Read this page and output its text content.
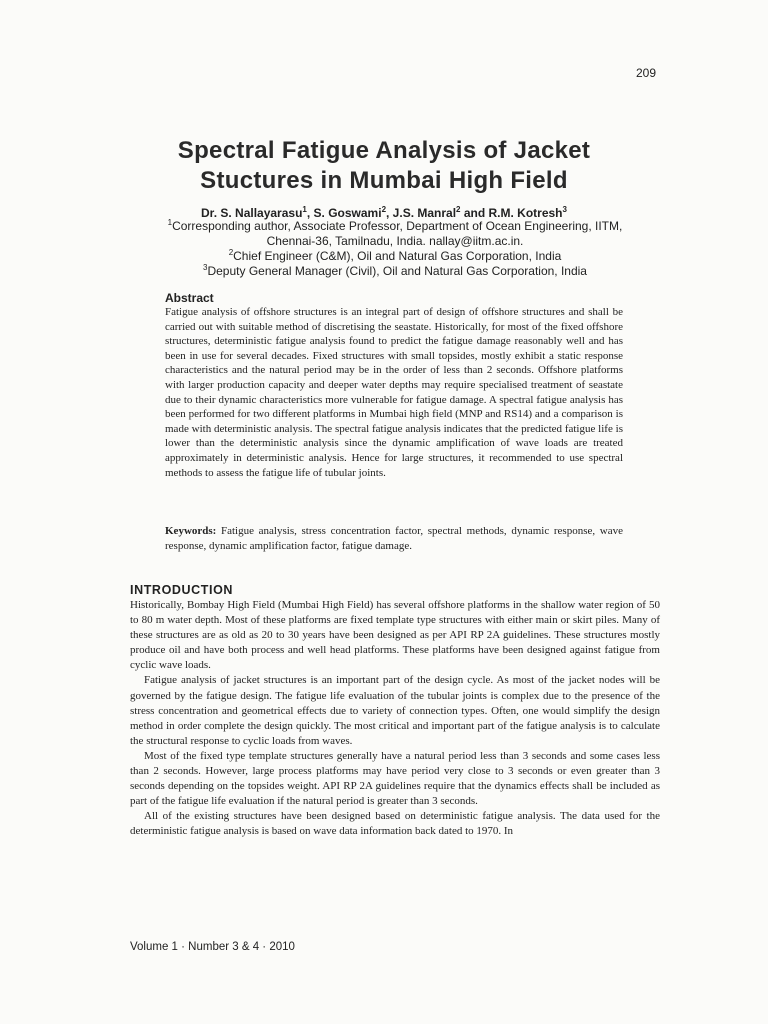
209
Spectral Fatigue Analysis of Jacket
Stuctures in Mumbai High Field
Dr. S. Nallayarasu$^1$, S. Goswami$^2$, J.S. Manral$^2$ and R.M. Kotresh$^3$
$^1$Corresponding author, Associate Professor, Department of Ocean Engineering, IITM,
Chennai-36, Tamilnadu, India. nallay@iitm.ac.in.
$^2$Chief Engineer (C&M), Oil and Natural Gas Corporation, India
$^3$Deputy General Manager (Civil), Oil and Natural Gas Corporation, India
Abstract
Fatigue analysis of offshore structures is an integral part of design of offshore structures and shall be carried out with suitable method of discretising the seastate. Historically, for most of the fixed offshore structures, deterministic fatigue analysis found to predict the fatigue damage reasonably well and has been in use for several decades. Fixed structures with small topsides, mostly exhibit a static response characteristics and the natural period may be in the order of less than 2 seconds. Offshore platforms with larger production capacity and deeper water depths may require specialised treatment of seastate due to their dynamic characteristics more vulnerable for fatigue damage. A spectral fatigue analysis has been performed for two different platforms in Mumbai high field (MNP and RS14) and a comparison is made with deterministic analysis. The spectral fatigue analysis indicates that the predicted fatigue life is lower than the deterministic analysis since the dynamic amplification of wave loads are treated approximately in deterministic analysis. Hence for large structures, it recommended to use spectral methods to assess the fatigue life of tubular joints.
Keywords: Fatigue analysis, stress concentration factor, spectral methods, dynamic response, wave response, dynamic amplification factor, fatigue damage.
INTRODUCTION

Historically, Bombay High Field (Mumbai High Field) has several offshore platforms in the shallow water region of 50 to 80 m water depth. Most of these platforms are fixed template type structures with either main or skirt piles. Many of these structures are as old as 20 to 30 years have been designed as per API RP 2A guidelines. These structures mostly produce oil and have both process and well head platforms. These platforms have been designed against fatigue from cyclic wave loads.

Fatigue analysis of jacket structures is an important part of the design cycle. As most of the jacket nodes will be governed by the fatigue design. The fatigue life evaluation of the tubular joints is complex due to the presence of the stress concentration and geometrical effects due to variety of connection types. Often, one would simplify the design method in order complete the design quickly. The most critical and important part of the fatigue analysis is to calculate the structural response to cyclic loads from waves.

Most of the fixed type template structures generally have a natural period less than 3 seconds and some cases less than 2 seconds. However, large process platforms may have period very close to 3 seconds or even greater than 3 seconds depending on the topsides weight. API RP 2A guidelines require that the dynamics effects shall be included as part of the fatigue life evaluation if the natural period is greater than 3 seconds.

All of the existing structures have been designed based on deterministic fatigue analysis. The data used for the deterministic fatigue analysis is based on wave data information back dated to 1970. In

Volume 1 · Number 3 & 4 · 2010
